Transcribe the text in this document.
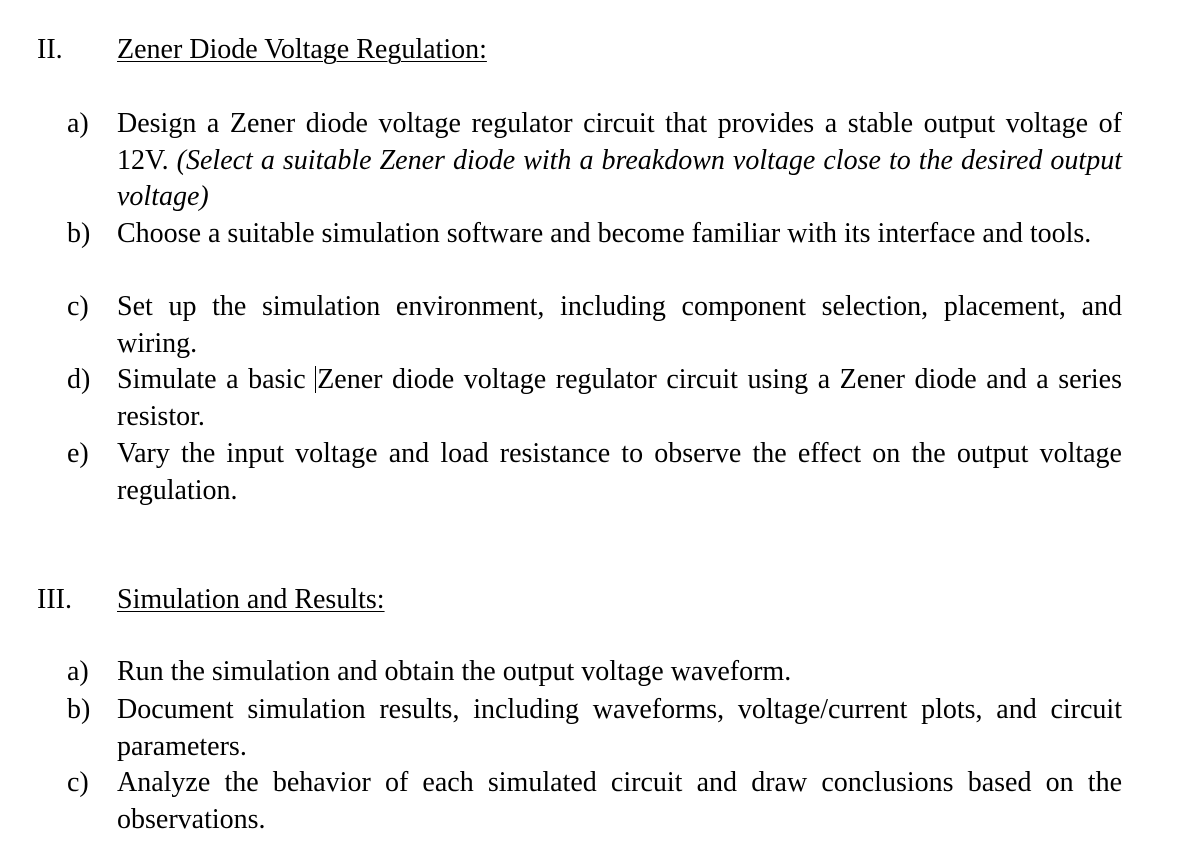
II. Zener Diode Voltage Regulation:
a) Design a Zener diode voltage regulator circuit that provides a stable output voltage of 12V. (Select a suitable Zener diode with a breakdown voltage close to the desired output voltage)

b) Choose a suitable simulation software and become familiar with its interface and tools.

c) Set up the simulation environment, including component selection, placement, and wiring.

d) Simulate a basic Zener diode voltage regulator circuit using a Zener diode and a series resistor.

e) Vary the input voltage and load resistance to observe the effect on the output voltage regulation.

III. Simulation and Results:
a) Run the simulation and obtain the output voltage waveform.

b) Document simulation results, including waveforms, voltage/current plots, and circuit parameters.

c) Analyze the behavior of each simulated circuit and draw conclusions based on the observations.
